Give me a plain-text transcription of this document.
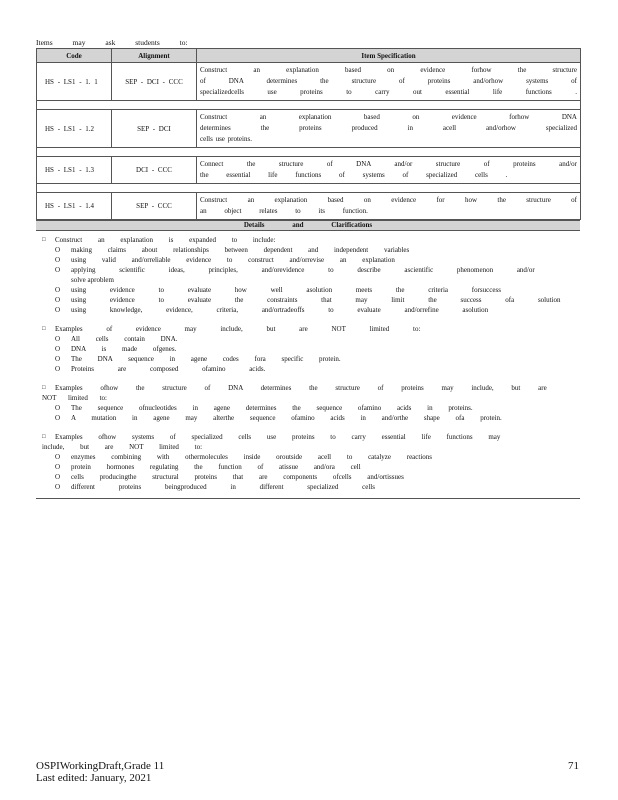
Items may ask students to:
Code	Alignment	Item Specification
HS - LS1 - 1. 1	SEP - DCI - CCC	Construct an explanation based on evidence forhow the structure
of DNA determines the structure of proteins and/orhow systems of
specializedcells use proteins to carry out essential life functions .

HS - LS1 - 1.2	SEP - DCI	Construct an explanation based on evidence forhow DNA
determines the proteins produced in acell and/orhow specialized
cells use proteins.

HS - LS1 - 1.3	DCI - CCC	Connect the structure of DNA and/or structure of proteins and/or
the essential life functions of systems of specialized cells .

HS - LS1 - 1.4	SEP - CCC	Construct an explanation based on evidence for how the structure of
an object relates to its function.
Details and Clarifications
□ Construct an explanation is expanded to include:
O making claims about relationships between dependent and independent variables
O using valid and/orreliable evidence to construct and/orrevise an explanation
O applying scientific ideas, principles, and/orevidence to describe ascientific phenomenon and/or
solve aproblem
O using evidence to evaluate how well asolution meets the criteria forsuccess
O using evidence to evaluate the constraints that may limit the success ofa solution
O using knowledge, evidence, criteria, and/ortradeoffs to evaluate and/orrefine asolution
□ Examples of evidence may include, but are NOT limited to:
O All cells contain DNA.
O DNA is made ofgenes.
O The DNA sequence in agene codes fora specific protein.
O Proteins are composed ofamino acids.
□ Examples ofhow the structure of DNA determines the structure of proteins may include, but are
NOT limited to:
O The sequence ofnucleotides in agene determines the sequence ofamino acids in proteins.
O A mutation in agene may alterthe sequence ofamino acids in and/orthe shape ofa protein.
□ Examples ofhow systems of specialized cells use proteins to carry essential life functions may
include, but are NOT limited to:
O enzymes combining with othermolecules inside oroutside acell to catalyze reactions
O protein hormones regulating the function of atissue and/ora cell
O cells producingthe structural proteins that are components ofcells and/ortissues
O different proteins beingproduced in different specialized cells
OSPIWorkingDraft,Grade 11
Last edited: January, 2021
71
